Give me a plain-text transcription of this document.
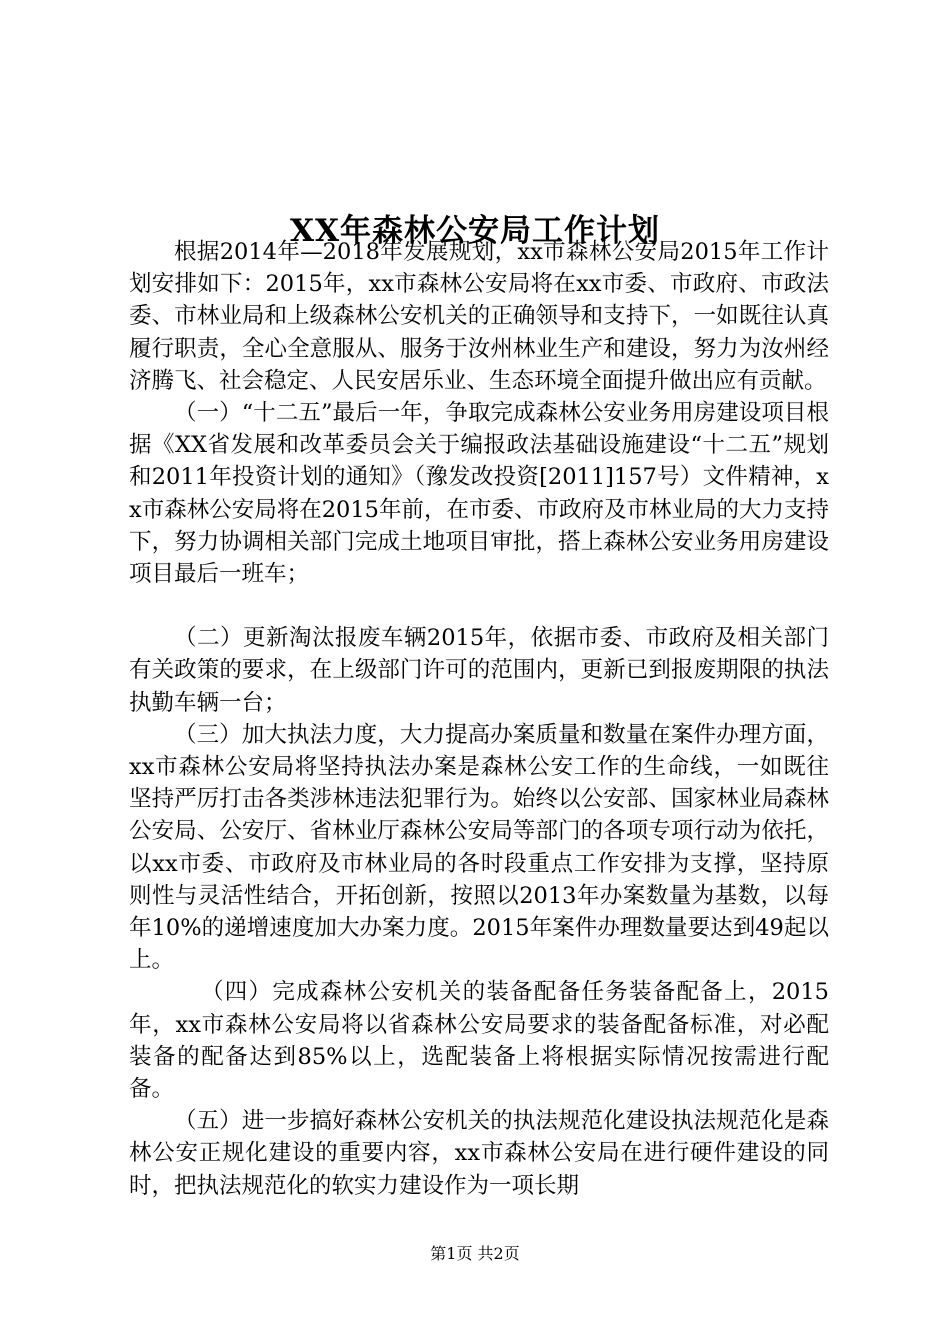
XX年森林公安局工作计划

根据2014年—2018年发展规划，xx市森林公安局2015年工作计划安排如下：2015年，xx市森林公安局将在xx市委、市政府、市政法委、市林业局和上级森林公安机关的正确领导和支持下，一如既往认真履行职责，全心全意服从、服务于汝州林业生产和建设，努力为汝州经济腾飞、社会稳定、人民安居乐业、生态环境全面提升做出应有贡献。

（一）“十二五”最后一年，争取完成森林公安业务用房建设项目根据《XX省发展和改革委员会关于编报政法基础设施建设“十二五”规划和2011年投资计划的通知》（豫发改投资[2011]157号）文件精神，xx市森林公安局将在2015年前，在市委、市政府及市林业局的大力支持下，努力协调相关部门完成土地项目审批，搭上森林公安业务用房建设项目最后一班车；

（二）更新淘汰报废车辆2015年，依据市委、市政府及相关部门有关政策的要求，在上级部门许可的范围内，更新已到报废期限的执法执勤车辆一台；

（三）加大执法力度，大力提高办案质量和数量在案件办理方面，xx市森林公安局将坚持执法办案是森林公安工作的生命线，一如既往坚持严厉打击各类涉林违法犯罪行为。始终以公安部、国家林业局森林公安局、公安厅、省林业厅森林公安局等部门的各项专项行动为依托，以xx市委、市政府及市林业局的各时段重点工作安排为支撑，坚持原则性与灵活性结合，开拓创新，按照以2013年办案数量为基数，以每年10%的递增速度加大办案力度。2015年案件办理数量要达到49起以上。

（四）完成森林公安机关的装备配备任务装备配备上，2015年，xx市森林公安局将以省森林公安局要求的装备配备标准，对必配装备的配备达到85%以上，选配装备上将根据实际情况按需进行配备。

（五）进一步搞好森林公安机关的执法规范化建设执法规范化是森林公安正规化建设的重要内容，xx市森林公安局在进行硬件建设的同时，把执法规范化的软实力建设作为一项长期

第1页 共2页
